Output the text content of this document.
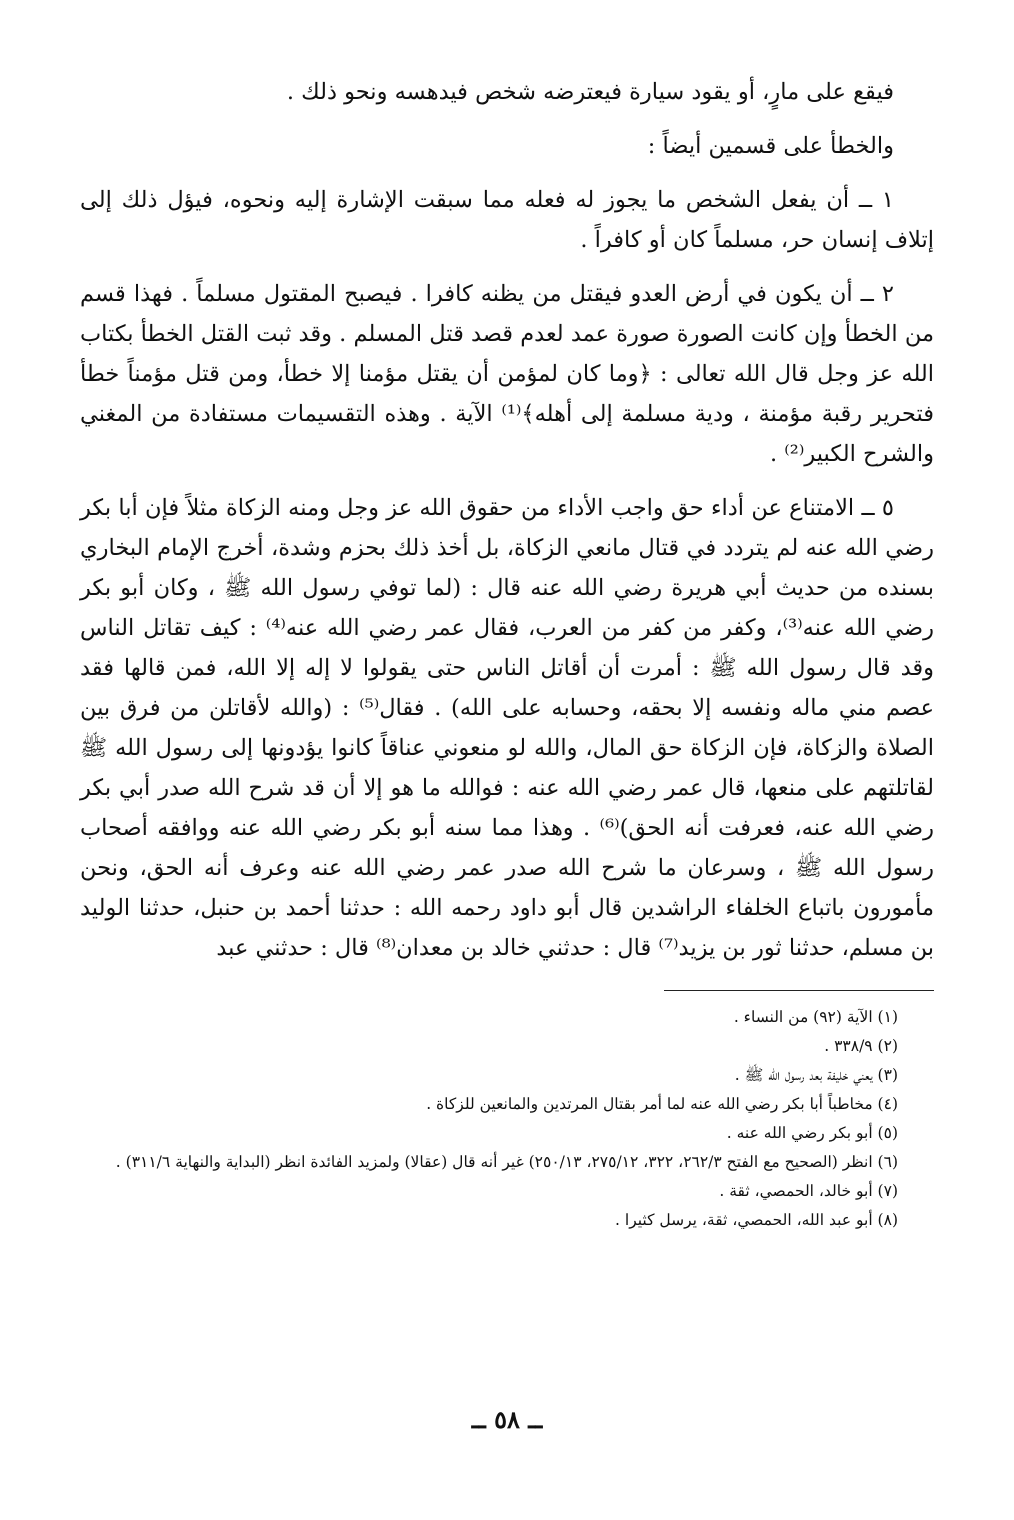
فيقع على مارٍ، أو يقود سيارة فيعترضه شخص فيدهسه ونحو ذلك .

والخطأ على قسمين أيضاً :

١ ــ أن يفعل الشخص ما يجوز له فعله مما سبقت الإشارة إليه ونحوه، فيؤل ذلك إلى إتلاف إنسان حر، مسلماً كان أو كافراً .

٢ ــ أن يكون في أرض العدو فيقتل من يظنه كافرا . فيصبح المقتول مسلماً . فهذا قسم من الخطأ وإن كانت الصورة صورة عمد لعدم قصد قتل المسلم . وقد ثبت القتل الخطأ بكتاب الله عز وجل قال الله تعالى : ﴿وما كان لمؤمن أن يقتل مؤمنا إلا خطأ، ومن قتل مؤمناً خطأ فتحرير رقبة مؤمنة ، ودية مسلمة إلى أهله﴾⁽¹⁾ الآية . وهذه التقسيمات مستفادة من المغني والشرح الكبير⁽²⁾ .

٥ ــ الامتناع عن أداء حق واجب الأداء من حقوق الله عز وجل ومنه الزكاة مثلاً فإن أبا بكر رضي الله عنه لم يتردد في قتال مانعي الزكاة، بل أخذ ذلك بحزم وشدة، أخرج الإمام البخاري بسنده من حديث أبي هريرة رضي الله عنه قال : (لما توفي رسول الله ﷺ ، وكان أبو بكر رضي الله عنه⁽³⁾، وكفر من كفر من العرب، فقال عمر رضي الله عنه⁽⁴⁾ : كيف تقاتل الناس وقد قال رسول الله ﷺ : أمرت أن أقاتل الناس حتى يقولوا لا إله إلا الله، فمن قالها فقد عصم مني ماله ونفسه إلا بحقه، وحسابه على الله) . فقال⁽⁵⁾ : (والله لأقاتلن من فرق بين الصلاة والزكاة، فإن الزكاة حق المال، والله لو منعوني عناقاً كانوا يؤدونها إلى رسول الله ﷺ لقاتلتهم على منعها، قال عمر رضي الله عنه : فوالله ما هو إلا أن قد شرح الله صدر أبي بكر رضي الله عنه، فعرفت أنه الحق)⁽⁶⁾ . وهذا مما سنه أبو بكر رضي الله عنه ووافقه أصحاب رسول الله ﷺ ، وسرعان ما شرح الله صدر عمر رضي الله عنه وعرف أنه الحق، ونحن مأمورون باتباع الخلفاء الراشدين قال أبو داود رحمه الله : حدثنا أحمد بن حنبل، حدثنا الوليد بن مسلم، حدثنا ثور بن يزيد⁽⁷⁾ قال : حدثني خالد بن معدان⁽⁸⁾ قال : حدثني عبد

(١) الآية (٩٢) من النساء .

(٢) ٣٣٨/٩ .

(٣) يعني خليفة بعد رسول الله ﷺ .

(٤) مخاطباً أبا بكر رضي الله عنه لما أمر بقتال المرتدين والمانعين للزكاة .

(٥) أبو بكر رضي الله عنه .

(٦) انظر (الصحيح مع الفتح ٢٦٢/٣، ٣٢٢، ٢٧٥/١٢، ٢٥٠/١٣) غير أنه قال (عقالا) ولمزيد الفائدة انظر (البداية والنهاية ٣١١/٦) .

(٧) أبو خالد، الحمصي، ثقة .

(٨) أبو عبد الله، الحمصي، ثقة، يرسل كثيرا .

ــ ٥٨ ــ
